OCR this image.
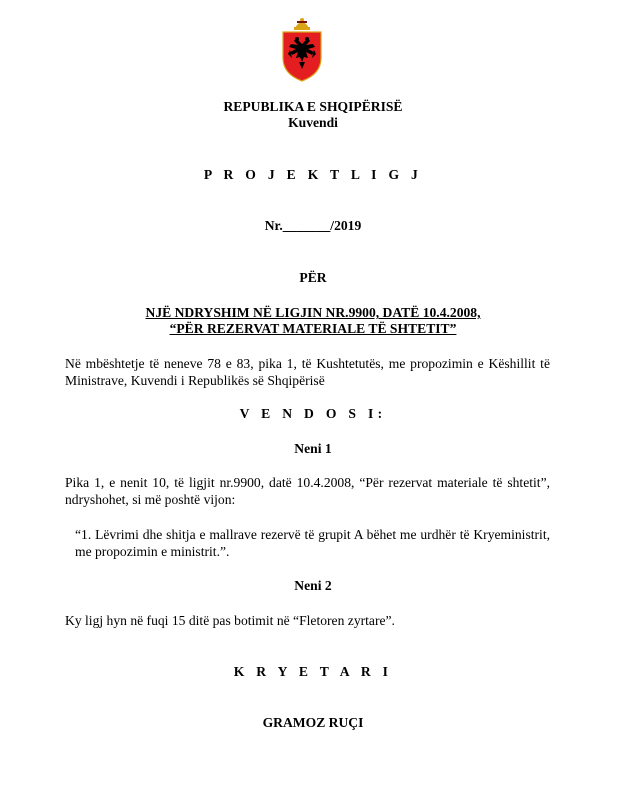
REPUBLIKA E SHQIPËRISË
Kuvendi
P R O J E K T L I G J
Nr._______/2019
PËR
NJË NDRYSHIM NË LIGJIN NR.9900, DATË 10.4.2008,
“PËR REZERVAT MATERIALE TË SHTETIT”
Në mbështetje të neneve 78 e 83, pika 1, të Kushtetutës, me propozimin e Këshillit të Ministrave, Kuvendi i Republikës së Shqipërisë
V E N D O S I:
Neni 1
Pika 1, e nenit 10, të ligjit nr.9900, datë 10.4.2008, “Për rezervat materiale të shtetit”, ndryshohet, si më poshtë vijon:
“1. Lëvrimi dhe shitja e mallrave rezervë të grupit A bëhet me urdhër të Kryeministrit, me propozimin e ministrit.”.
Neni 2
Ky ligj hyn në fuqi 15 ditë pas botimit në “Fletoren zyrtare”.
K R Y E T A R I
GRAMOZ RUÇI
